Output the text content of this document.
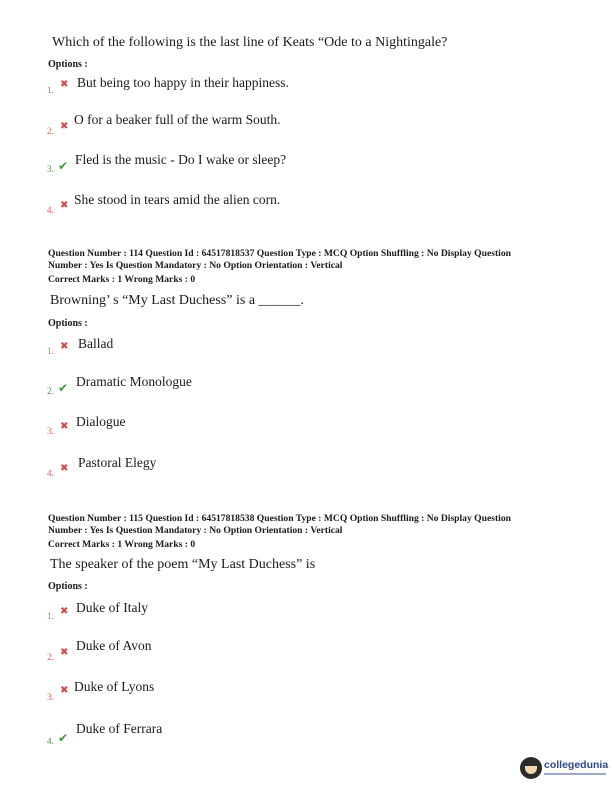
Which of the following is the last line of Keats “Ode to a Nightingale?
Options :
1. ✖ But being too happy in their happiness.
2. ✖ O for a beaker full of the warm South.
3. ✔ Fled is the music - Do I wake or sleep?
4. ✖ She stood in tears amid the alien corn.
Question Number : 114 Question Id : 64517818537 Question Type : MCQ Option Shuffling : No Display Question
Number : Yes Is Question Mandatory : No Option Orientation : Vertical
Correct Marks : 1 Wrong Marks : 0
Browning’ s “My Last Duchess” is a ______.
Options :
1. ✖ Ballad
2. ✔ Dramatic Monologue
3. ✖ Dialogue
4. ✖ Pastoral Elegy
Question Number : 115 Question Id : 64517818538 Question Type : MCQ Option Shuffling : No Display Question
Number : Yes Is Question Mandatory : No Option Orientation : Vertical
Correct Marks : 1 Wrong Marks : 0
The speaker of the poem “My Last Duchess” is
Options :
1. ✖ Duke of Italy
2. ✖ Duke of Avon
3.
✖ Duke of Lyons
4. ✔
Duke of Ferrara
collegedunia
